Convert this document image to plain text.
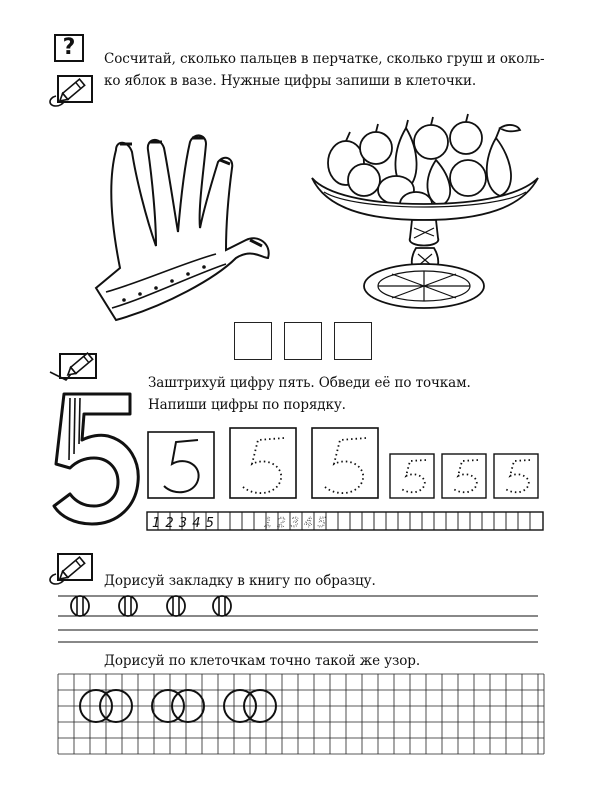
?	Сосчитай, сколько пальцев в перчатке, сколько груш и околь-
ко яблок в вазе. Нужные цифры запиши в клеточки.
Заштрихуй цифру пять. Обведи её по точкам.
Напиши цифры по порядку.
1 2 3 4 5	1 2 3 4 5
Дорисуй закладку в книгу по образцу.
Дорисуй по клеточкам точно такой же узор.
